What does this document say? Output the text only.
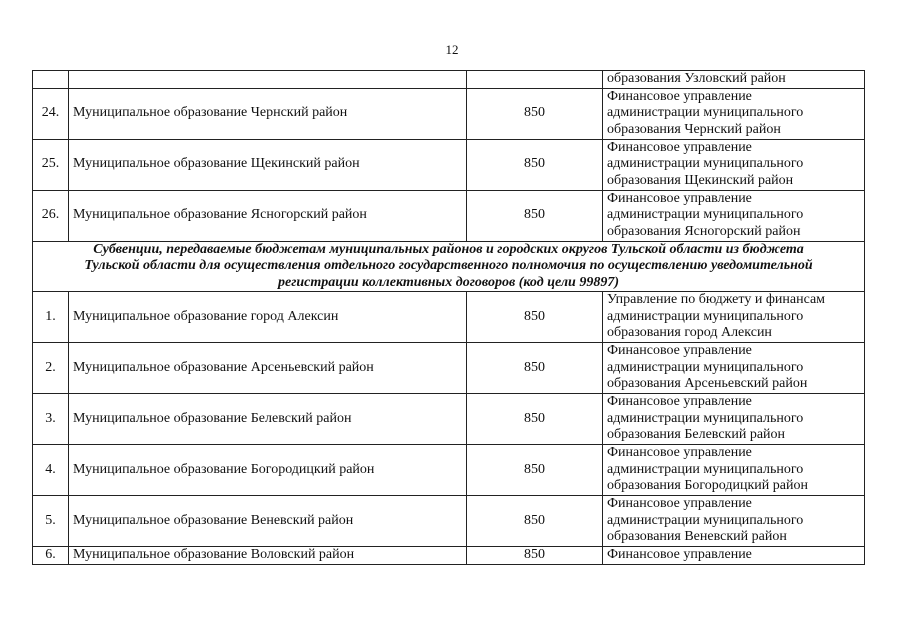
12
			образования Узловский район
24.	Муниципальное образование Чернский район	850	Финансовое управление
администрации муниципального
образования Чернский район
25.	Муниципальное образование Щекинский район	850	Финансовое управление
администрации муниципального
образования Щекинский район
26.	Муниципальное образование Ясногорский район	850	Финансовое управление
администрации муниципального
образования Ясногорский район
Субвенции, передаваемые бюджетам муниципальных районов и городских округов Тульской области из бюджета
Тульской области для осуществления отдельного государственного полномочия по осуществлению уведомительной
регистрации коллективных договоров (код цели 99897)			
1.	Муниципальное образование город Алексин	850	Управление по бюджету и финансам
администрации муниципального
образования город Алексин
2.	Муниципальное образование Арсеньевский район	850	Финансовое управление
администрации муниципального
образования Арсеньевский район
3.	Муниципальное образование Белевский район	850	Финансовое управление
администрации муниципального
образования Белевский район
4.	Муниципальное образование Богородицкий район	850	Финансовое управление
администрации муниципального
образования Богородицкий район
5.	Муниципальное образование Веневский район	850	Финансовое управление
администрации муниципального
образования Веневский район
6.	Муниципальное образование Воловский район	850	Финансовое управление
